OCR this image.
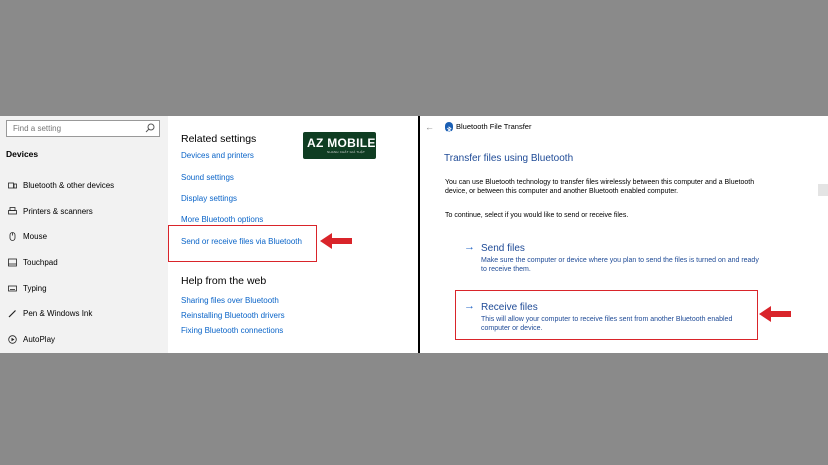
Find a setting
Devices
Bluetooth & other devices
Printers & scanners
Mouse
Touchpad
Typing
Pen & Windows Ink
AutoPlay
Related settings
Devices and printers
Sound settings
Display settings
More Bluetooth options
Send or receive files via Bluetooth
Help from the web
Sharing files over Bluetooth
Reinstalling Bluetooth drivers
Fixing Bluetooth connections
AZ MOBILE
NHANH CHẤT GIÁ THẬT
←	Bluetooth File Transfer
Transfer files using Bluetooth
You can use Bluetooth technology to transfer files wirelessly between this computer and a Bluetooth device, or between this computer and another Bluetooth enabled computer.
To continue, select if you would like to send or receive files.
→ Send files
Make sure the computer or device where you plan to send the files is turned on and ready to receive them.
→ Receive files
This will allow your computer to receive files sent from another Bluetooth enabled computer or device.
